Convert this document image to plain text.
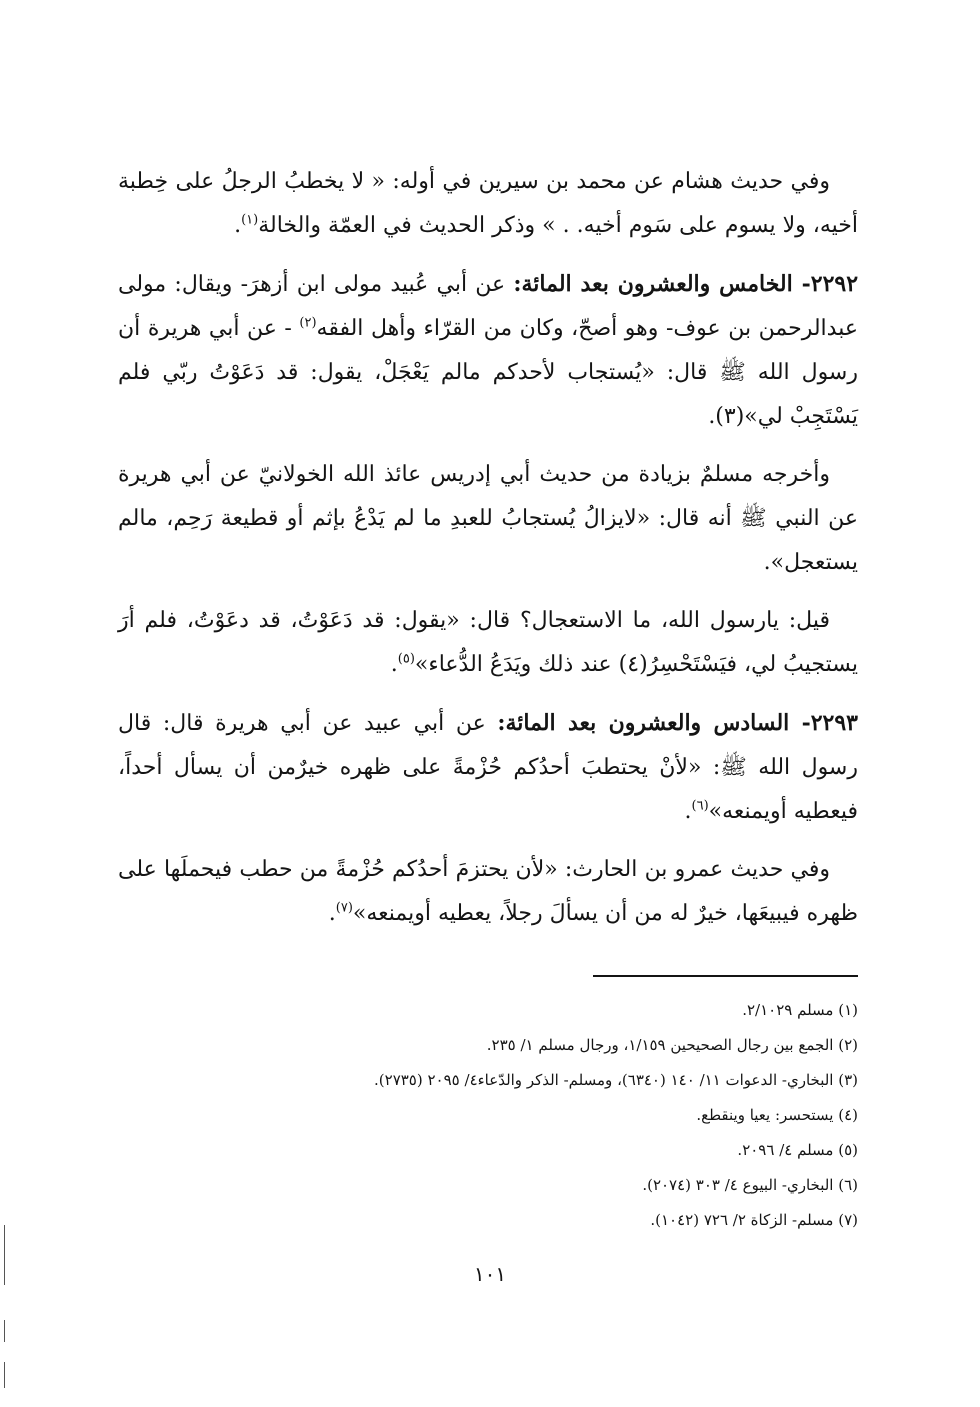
وفي حديث هشام عن محمد بن سيرين في أوله: « لا يخطبُ الرجلُ على خِطبة أخيه، ولا يسوم على سَوم أخيه. . » وذكر الحديث في العمّة والخالة$^{(١)}$.

٢٢٩٢- الخامس والعشرون بعد المائة: عن أبي عُبيد مولى ابن أزهرَ- ويقال: مولى عبدالرحمن بن عوف- وهو أصحّ، وكان من القرّاء وأهل الفقه$^{(٢)}$ - عن أبي هريرة أن رسول الله ﷺ قال: «يُستجاب لأحدكم مالم يَعْجَلْ، يقول: قد دَعَوْتُ ربّي فلم يَسْتَجِبْ لي»(٣).

وأخرجه مسلمٌ بزيادة من حديث أبي إدريس عائذ الله الخولانيّ عن أبي هريرة عن النبي ﷺ أنه قال: «لايزالُ يُستجابُ للعبدِ ما لم يَدْعُ بإثم أو قطيعة رَحِم، مالم يستعجل».

قيل: يارسول الله، ما الاستعجال؟ قال: «يقول: قد دَعَوْتُ، قد دعَوْتُ، فلم أرَ يستجيبُ لي، فيَسْتَحْسِرُ(٤) عند ذلك ويَدَعُ الدُّعاء»$^{(٥)}$.

٢٢٩٣- السادس والعشرون بعد المائة: عن أبي عبيد عن أبي هريرة قال: قال رسول الله ﷺ: «لأنْ يحتطبَ أحدُكم حُزْمةً على ظهره خيرٌمن أن يسأل أحداً، فيعطيه أويمنعه»$^{(٦)}$.

وفي حديث عمرو بن الحارث: «لأن يحتزمَ أحدُكم حُزْمةً من حطب فيحملَها على ظهره فيبيعَها، خيرٌ له من أن يسألَ رجلاً، يعطيه أويمنعه»$^{(٧)}$.

(١) مسلم ٢/١٠٢٩.
(٢) الجمع بين رجال الصحيحين ١/١٥٩، ورجال مسلم ١/ ٢٣٥.
(٣) البخاري- الدعوات ١١/ ١٤٠ (٦٣٤٠)، ومسلم- الذكر والدّعاء٤/ ٢٠٩٥ (٢٧٣٥).
(٤) يستحسر: يعيا وينقطع.
(٥) مسلم ٤/ ٢٠٩٦.
(٦) البخاري- البيوع ٤/ ٣٠٣ (٢٠٧٤).
(٧) مسلم- الزكاة ٢/ ٧٢٦ (١٠٤٢).
١٠١
